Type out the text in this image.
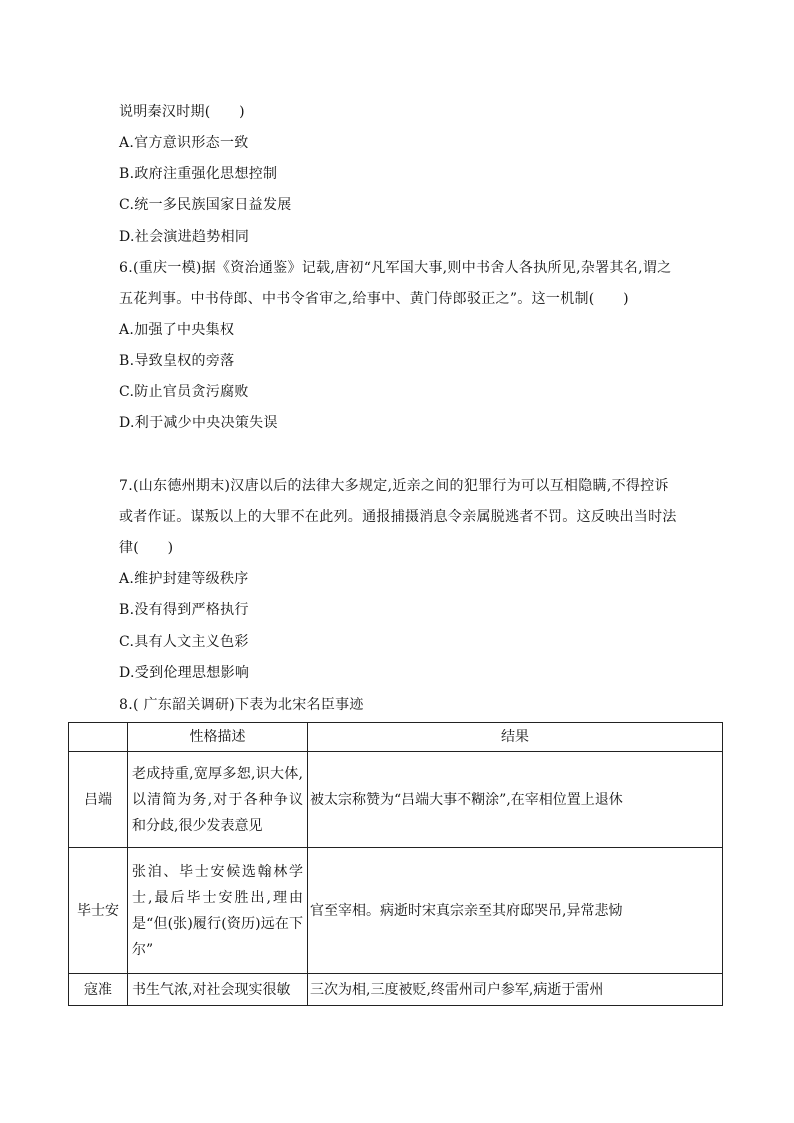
说明秦汉时期(　　)
A.官方意识形态一致
B.政府注重强化思想控制
C.统一多民族国家日益发展
D.社会演进趋势相同
6.(重庆一模)据《资治通鉴》记载,唐初“凡军国大事,则中书舍人各执所见,杂署其名,谓之
五花判事。中书侍郎、中书令省审之,给事中、黄门侍郎驳正之”。这一机制(　　)
A.加强了中央集权
B.导致皇权的旁落
C.防止官员贪污腐败
D.利于减少中央决策失误
7.(山东德州期末)汉唐以后的法律大多规定,近亲之间的犯罪行为可以互相隐瞒,不得控诉
或者作证。谋叛以上的大罪不在此列。通报捕摄消息令亲属脱逃者不罚。这反映出当时法
律(　　)
A.维护封建等级秩序
B.没有得到严格执行
C.具有人文主义色彩
D.受到伦理思想影响
8.( 广东韶关调研)下表为北宋名臣事迹
	性格描述	结果
吕端	老成持重,宽厚多恕,识大体,以清简为务,对于各种争议和分歧,很少发表意见	被太宗称赞为“吕端大事不糊涂”,在宰相位置上退休
毕士安	张洎、毕士安候选翰林学士,最后毕士安胜出,理由是“但(张)履行(资历)远在下尔”	官至宰相。病逝时宋真宗亲至其府邸哭吊,异常悲恸
寇准	书生气浓,对社会现实很敏	三次为相,三度被贬,终雷州司户参军,病逝于雷州
